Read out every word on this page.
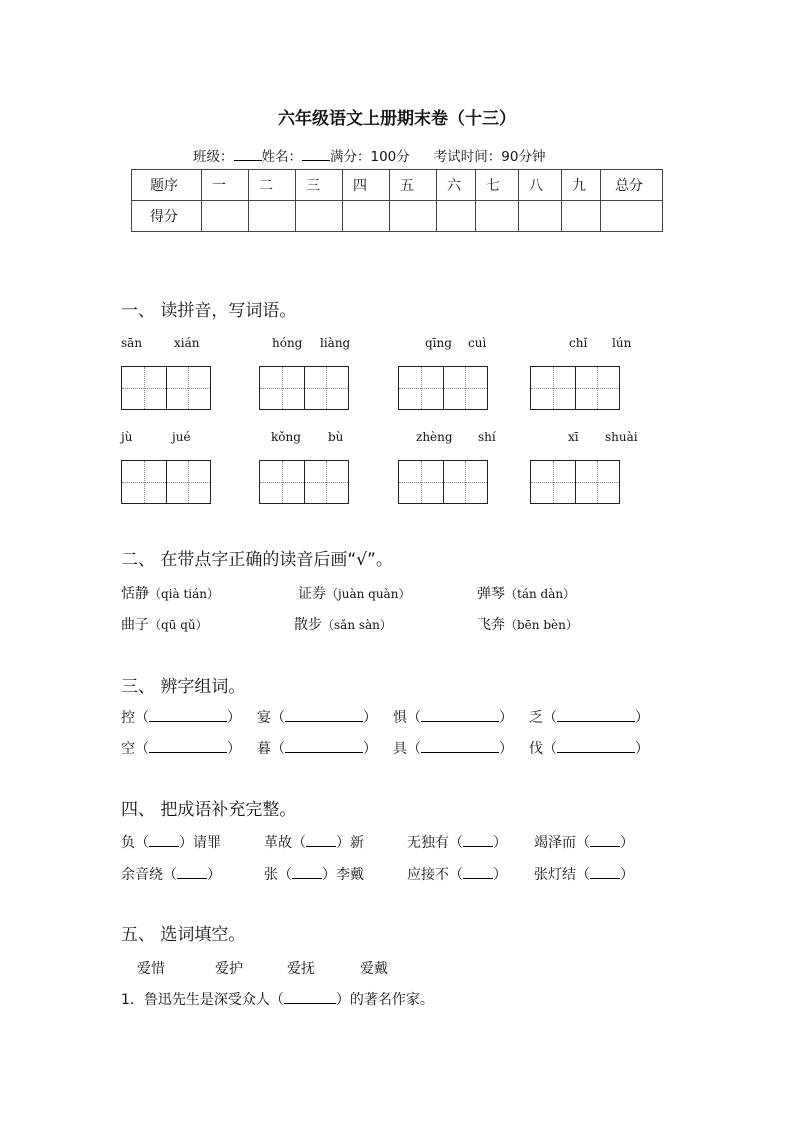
六年级语文上册期末卷（十三）
班级： 姓名： 满分：100分 考试时间：90分钟
题序	一	二	三	四	五	六	七	八	九	总分
得分										
一、 读拼音，写词语。
sān	xián	hóng liàng	qīng cuì	chǐ lún
jù	jué	kǒng bù	zhèng shí	xī shuài
二、 在带点字正确的读音后画“√”。
恬静（qià tián）	证券（juàn quàn）	弹琴（tán dàn）
曲子（qū qǔ）	散步（sǎn sàn）	飞奔（bēn bèn）
三、 辨字组词。
控（	） 宴（	） 惧（	） 乏（	）
空（	） 暮（	） 具（	） 伐（	）
四、 把成语补充完整。
负（ ）请罪	革故（ ）新	无独有（ ） 竭泽而（ ）
余音绕（ ）	张（ ）李戴	应接不（ ） 张灯结（ ）
五、 选词填空。
爱惜	爱护	爱抚	爱戴
1．鲁迅先生是深受众人（	）的著名作家。
